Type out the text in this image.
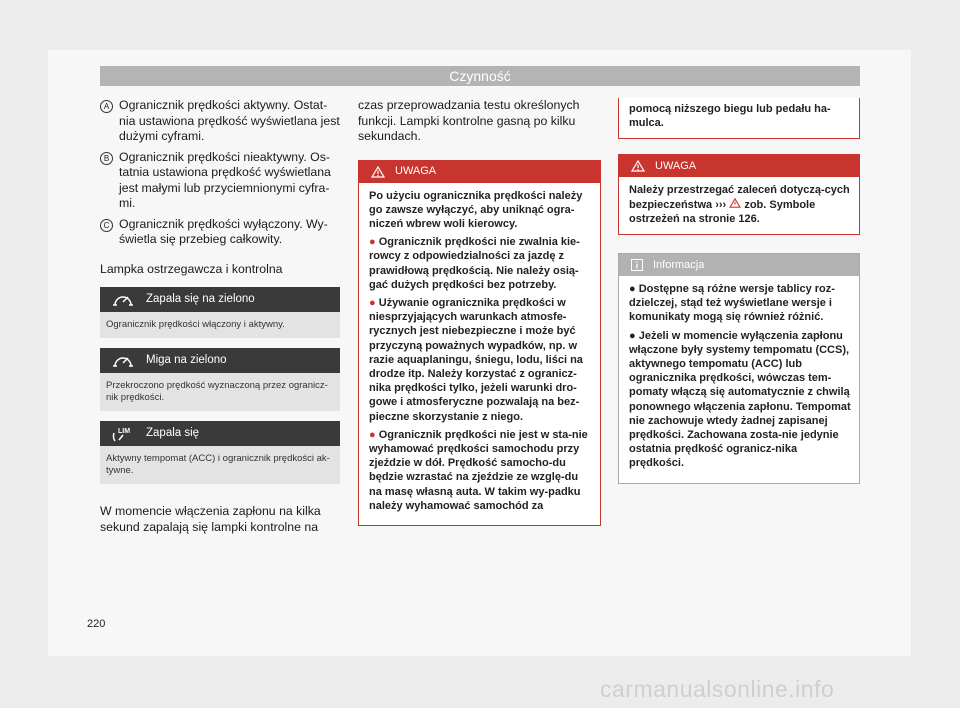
Czynność
A Ogranicznik prędkości aktywny. Ostat-nia ustawiona prędkość wyświetlana jest dużymi cyframi.
B Ogranicznik prędkości nieaktywny. Os-tatnia ustawiona prędkość wyświetlana jest małymi lub przyciemnionymi cyfra-mi.
C Ogranicznik prędkości wyłączony. Wy-świetla się przebieg całkowity.
Lampka ostrzegawcza i kontrolna
Zapala się na zielono
Ogranicznik prędkości włączony i aktywny.
Miga na zielono
Przekroczono prędkość wyznaczoną przez ogranicz-nik prędkości.
LIM Zapala się
Aktywny tempomat (ACC) i ogranicznik prędkości ak-tywne.
W momencie włączenia zapłonu na kilka sekund zapalają się lampki kontrolne na
czas przeprowadzania testu określonych funkcji. Lampki kontrolne gasną po kilku sekundach.
UWAGA

Po użyciu ogranicznika prędkości należy go zawsze wyłączyć, aby uniknąć ogra-niczeń wbrew woli kierowcy.

● Ogranicznik prędkości nie zwalnia kie-rowcy z odpowiedzialności za jazdę z prawidłową prędkością. Nie należy osią-gać dużych prędkości bez potrzeby.

● Używanie ogranicznika prędkości w niesprzyjających warunkach atmosfe-rycznych jest niebezpieczne i może być przyczyną poważnych wypadków, np. w razie aquaplaningu, śniegu, lodu, liści na drodze itp. Należy korzystać z ogranicz-nika prędkości tylko, jeżeli warunki dro-gowe i atmosferyczne pozwalają na bez-pieczne skorzystanie z niego.

● Ogranicznik prędkości nie jest w sta-nie wyhamować prędkości samochodu przy zjeździe w dół. Prędkość samocho-du będzie wzrastać na zjeździe ze wzglę-du na masę własną auta. W takim wy-padku należy wyhamować samochód za

pomocą niższego biegu lub pedału ha-mulca.
UWAGA
Należy przestrzegać zaleceń dotyczą-cych bezpieczeństwa ››› zob. Symbole ostrzeżeń na stronie 126.
Informacja

● Dostępne są różne wersje tablicy roz-dzielczej, stąd też wyświetlane wersje i komunikaty mogą się również różnić.

● Jeżeli w momencie wyłączenia zapłonu włączone były systemy tempomatu (CCS), aktywnego tempomatu (ACC) lub ogranicznika prędkości, wówczas tem-pomaty włączą się automatycznie z chwilą ponownego włączenia zapłonu. Tempomat nie zachowuje wtedy żadnej zapisanej prędkości. Zachowana zosta-nie jedynie ostatnia prędkość ogranicz-nika prędkości.

220
carmanualsonline.info
